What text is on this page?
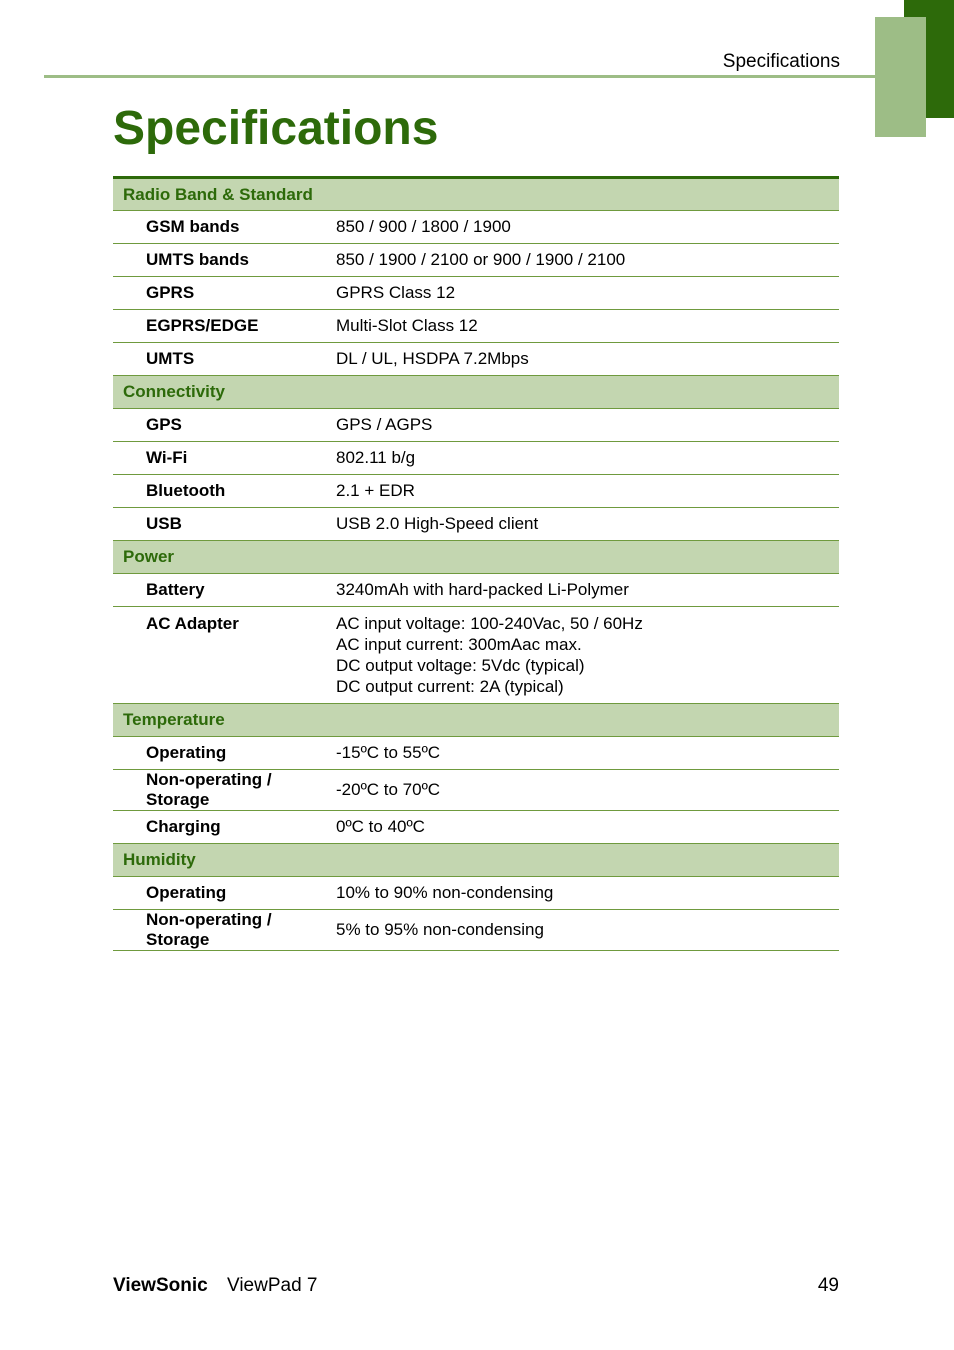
Specifications
Specifications
Radio Band & Standard	
GSM bands	850 / 900 / 1800 / 1900

UMTS bands	850 / 1900 / 2100 or 900 / 1900 / 2100

GPRS	GPRS Class 12

EGPRS/EDGE	Multi-Slot Class 12

UMTS	DL / UL, HSDPA 7.2Mbps

Connectivity	
GPS	GPS / AGPS

Wi-Fi	802.11 b/g

Bluetooth	2.1 + EDR

USB	USB 2.0 High-Speed client

Power	
Battery	3240mAh with hard-packed Li-Polymer

AC Adapter	AC input voltage: 100-240Vac, 50 / 60Hz
AC input current: 300mAac max.
DC output voltage: 5Vdc (typical)
DC output current: 2A (typical)

Temperature	
Operating	-15ºC to 55ºC

Non-operating / Storage	-20ºC to 70ºC

Charging	0ºC to 40ºC

Humidity	
Operating	10% to 90% non-condensing

Non-operating / Storage	5% to 95% non-condensing
ViewSonic ViewPad 7	49
